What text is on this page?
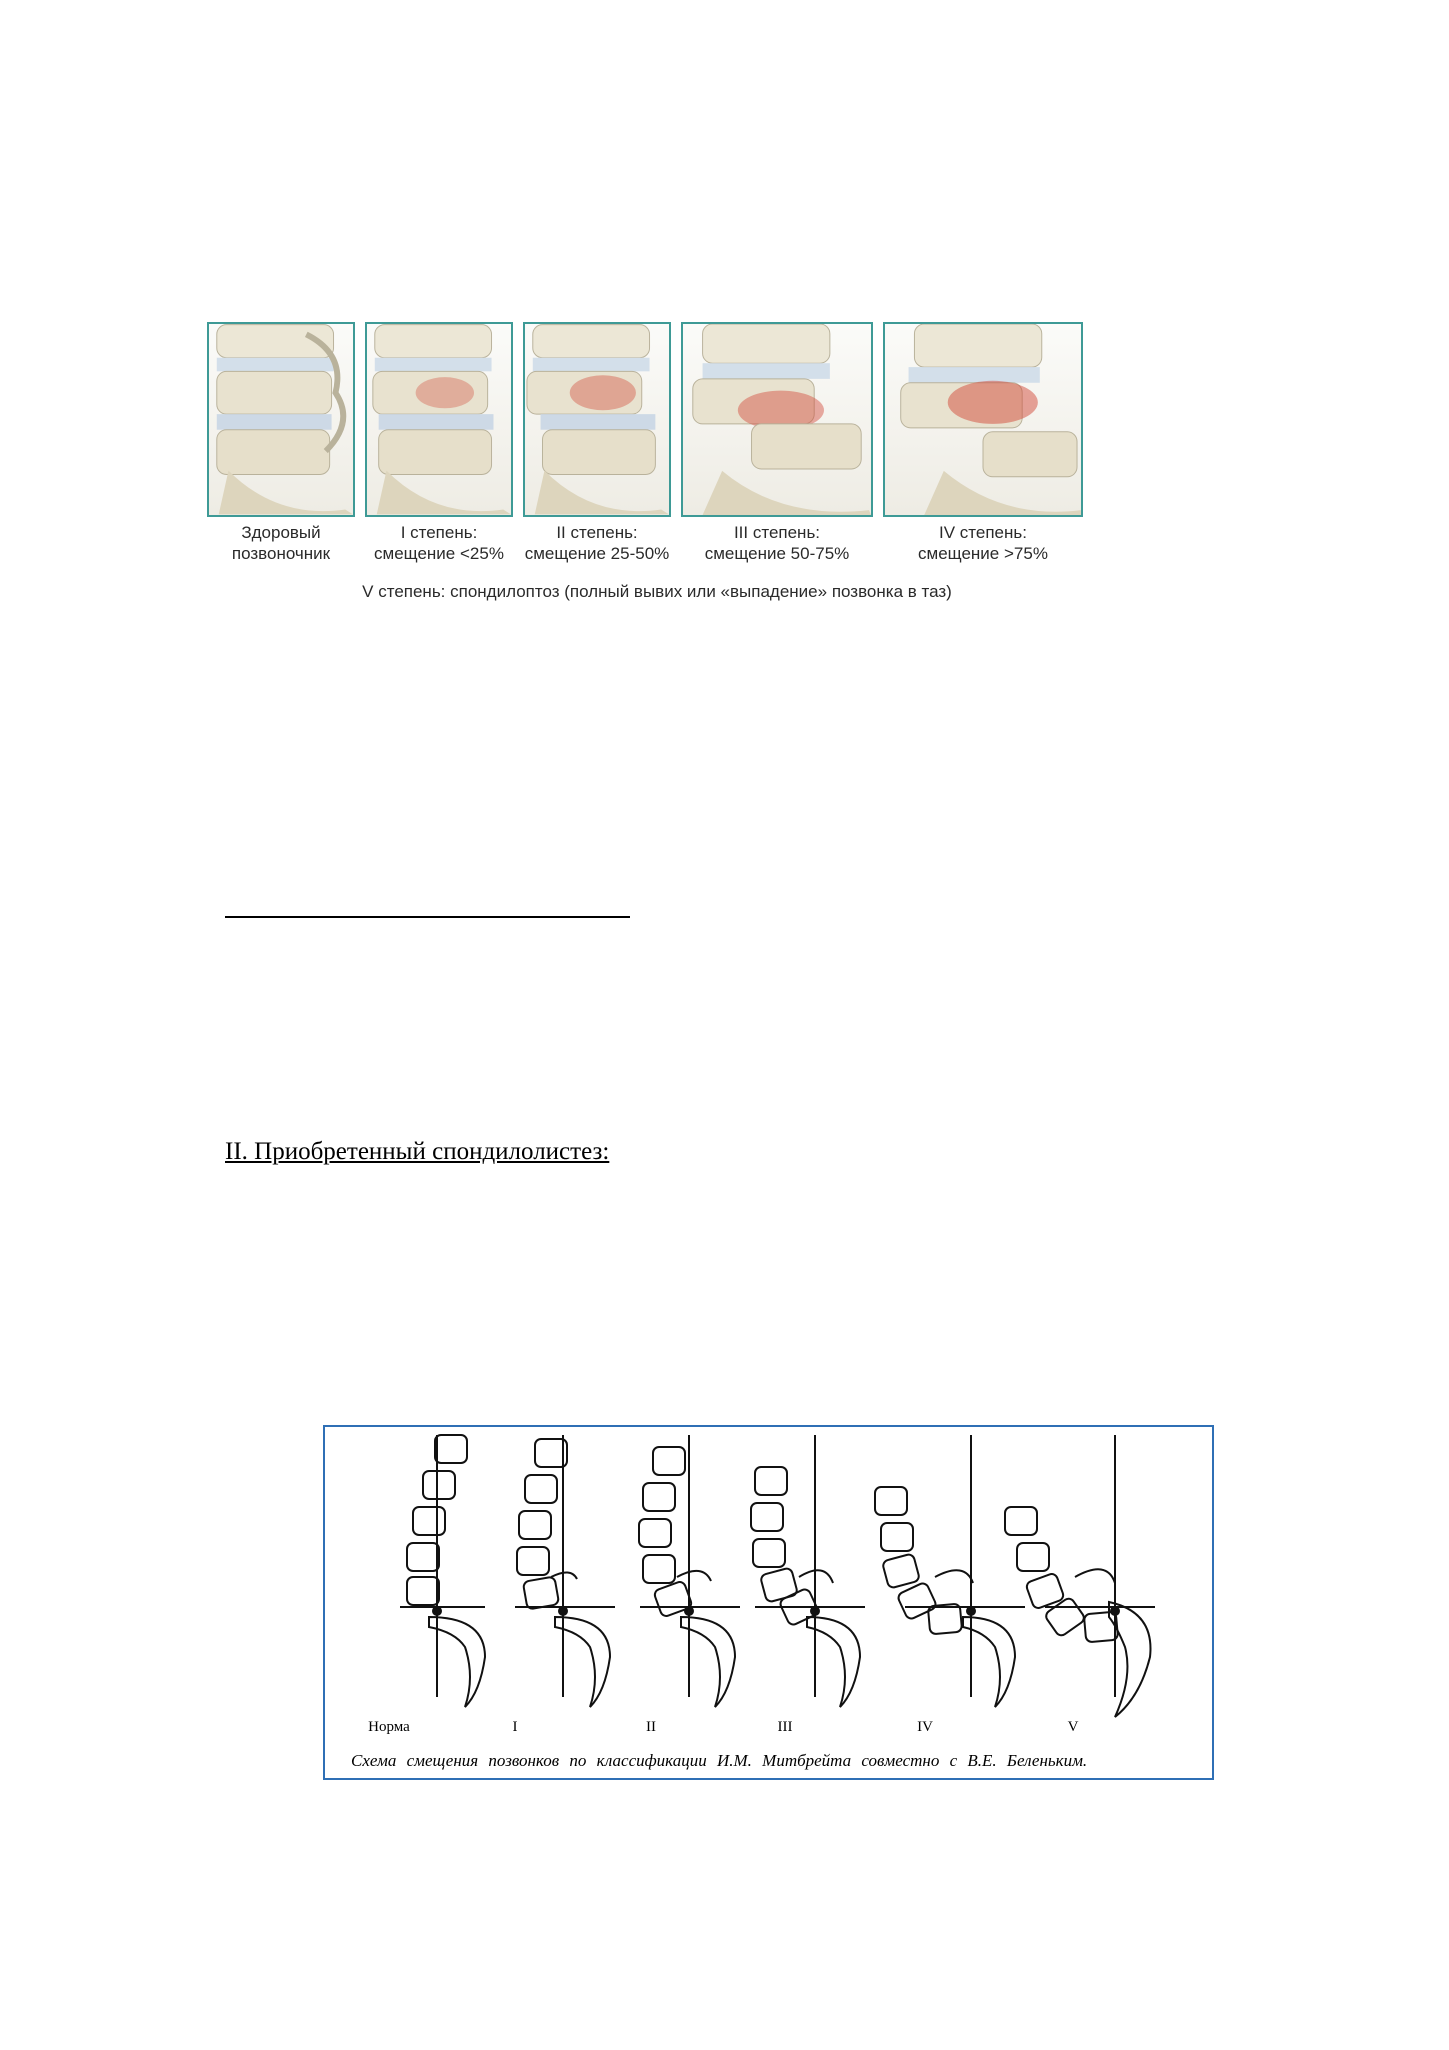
Здоровый
позвоночник
I степень:
смещение <25%
II степень:
смещение 25-50%
III степень:
смещение 50-75%
IV степень:
смещение >75%
V степень: спондилоптоз (полный вывих или «выпадение» позвонка в таз)
II. Приобретенный спондилолистез:
Норма	I	II	III	IV	V
Схема смещения позвонков по классификации И.М. Митбрейта совместно с В.Е. Беленьким.
